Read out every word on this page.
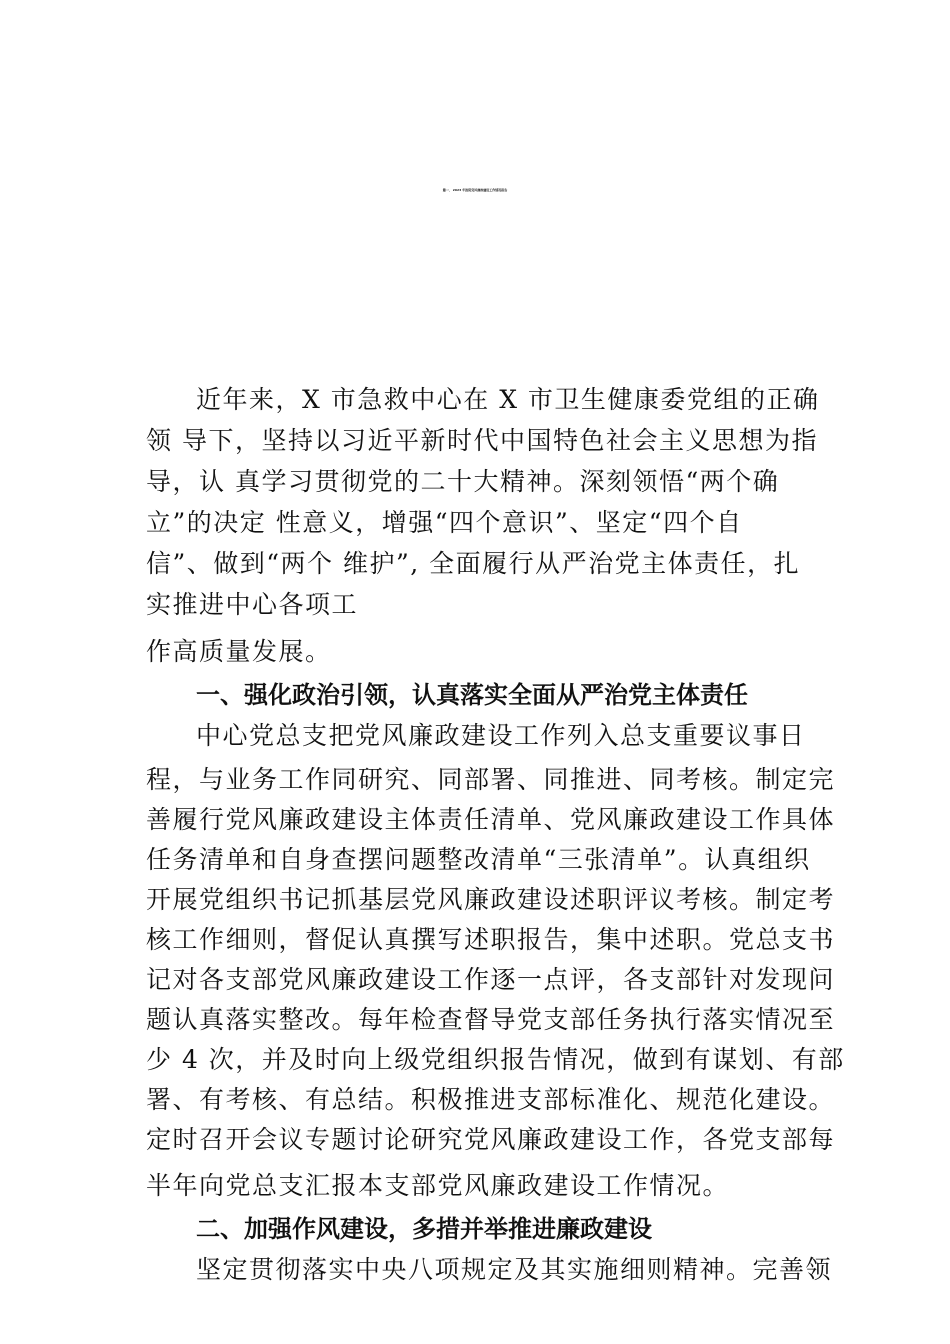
篇一、 2023 年医院党风廉政建设工作情况报告
近年来，X 市急救中心在 X 市卫生健康委党组的正确
领 导下，坚持以习近平新时代中国特色社会主义思想为指
导，认 真学习贯彻党的二十大精神。深刻领悟“两个确
立”的决定 性意义，增强“四个意识”、坚定“四个自
信”、做到“两个 维护”, 全面履行从严治党主体责任，扎
实推进中心各项工
作高质量发展。
一、强化政治引领，认真落实全面从严治党主体责任
中心党总支把党风廉政建设工作列入总支重要议事日
程，与业务工作同研究、同部署、同推进、同考核。制定完
善履行党风廉政建设主体责任清单、党风廉政建设工作具体
任务清单和自身查摆问题整改清单“三张清单”。认真组织
开展党组织书记抓基层党风廉政建设述职评议考核。制定考
核工作细则，督促认真撰写述职报告，集中述职。党总支书
记对各支部党风廉政建设工作逐一点评，各支部针对发现问
题认真落实整改。每年检查督导党支部任务执行落实情况至
少 4 次，并及时向上级党组织报告情况，做到有谋划、有部
署、有考核、有总结。积极推进支部标准化、规范化建设。
定时召开会议专题讨论研究党风廉政建设工作，各党支部每
半年向党总支汇报本支部党风廉政建设工作情况。
二、加强作风建设，多措并举推进廉政建设
坚定贯彻落实中央八项规定及其实施细则精神。完善领
